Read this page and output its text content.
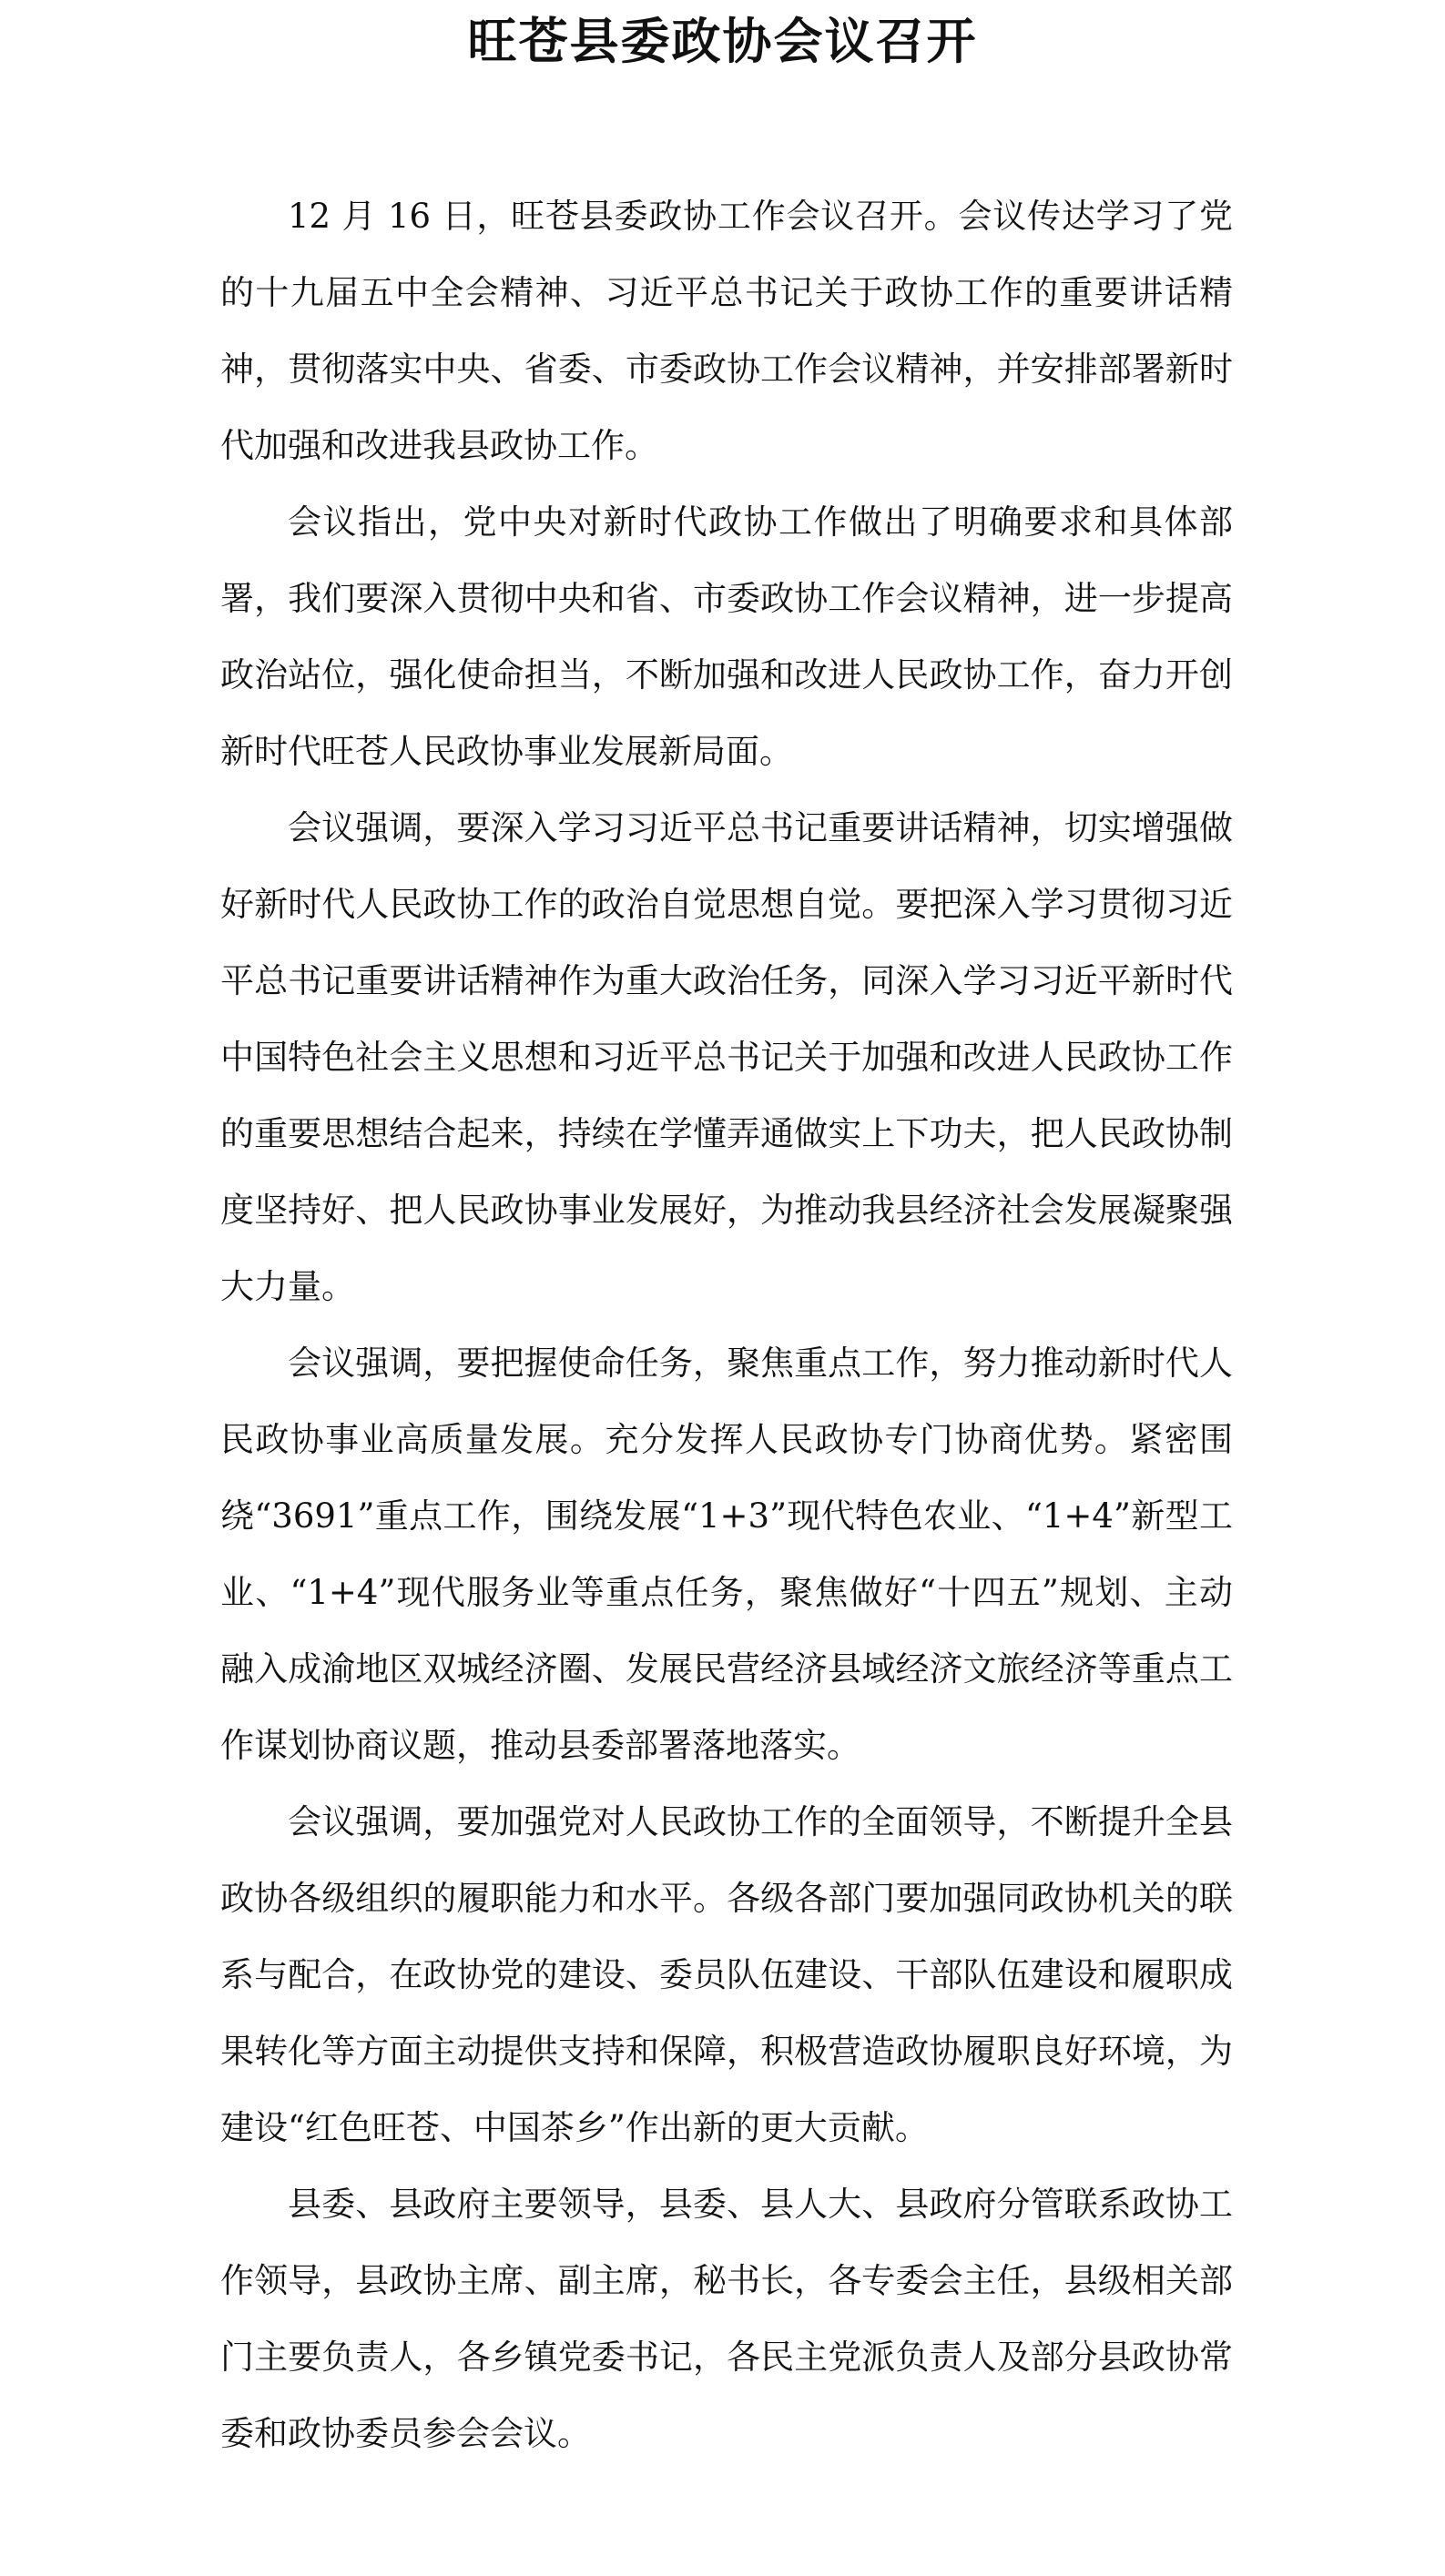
旺苍县委政协会议召开

12 月 16 日，旺苍县委政协工作会议召开。会议传达学习了党的十九届五中全会精神、习近平总书记关于政协工作的重要讲话精神，贯彻落实中央、省委、市委政协工作会议精神，并安排部署新时代加强和改进我县政协工作。

会议指出，党中央对新时代政协工作做出了明确要求和具体部署，我们要深入贯彻中央和省、市委政协工作会议精神，进一步提高政治站位，强化使命担当，不断加强和改进人民政协工作，奋力开创新时代旺苍人民政协事业发展新局面。

会议强调，要深入学习习近平总书记重要讲话精神，切实增强做好新时代人民政协工作的政治自觉思想自觉。要把深入学习贯彻习近平总书记重要讲话精神作为重大政治任务，同深入学习习近平新时代中国特色社会主义思想和习近平总书记关于加强和改进人民政协工作的重要思想结合起来，持续在学懂弄通做实上下功夫，把人民政协制度坚持好、把人民政协事业发展好，为推动我县经济社会发展凝聚强大力量。

会议强调，要把握使命任务，聚焦重点工作，努力推动新时代人民政协事业高质量发展。充分发挥人民政协专门协商优势。紧密围绕“3691”重点工作，围绕发展“1+3”现代特色农业、“1+4”新型工业、“1+4”现代服务业等重点任务，聚焦做好“十四五”规划、主动融入成渝地区双城经济圈、发展民营经济县域经济文旅经济等重点工作谋划协商议题，推动县委部署落地落实。

会议强调，要加强党对人民政协工作的全面领导，不断提升全县政协各级组织的履职能力和水平。各级各部门要加强同政协机关的联系与配合，在政协党的建设、委员队伍建设、干部队伍建设和履职成果转化等方面主动提供支持和保障，积极营造政协履职良好环境，为建设“红色旺苍、中国茶乡”作出新的更大贡献。

县委、县政府主要领导，县委、县人大、县政府分管联系政协工作领导，县政协主席、副主席，秘书长，各专委会主任，县级相关部门主要负责人，各乡镇党委书记，各民主党派负责人及部分县政协常委和政协委员参会会议。
